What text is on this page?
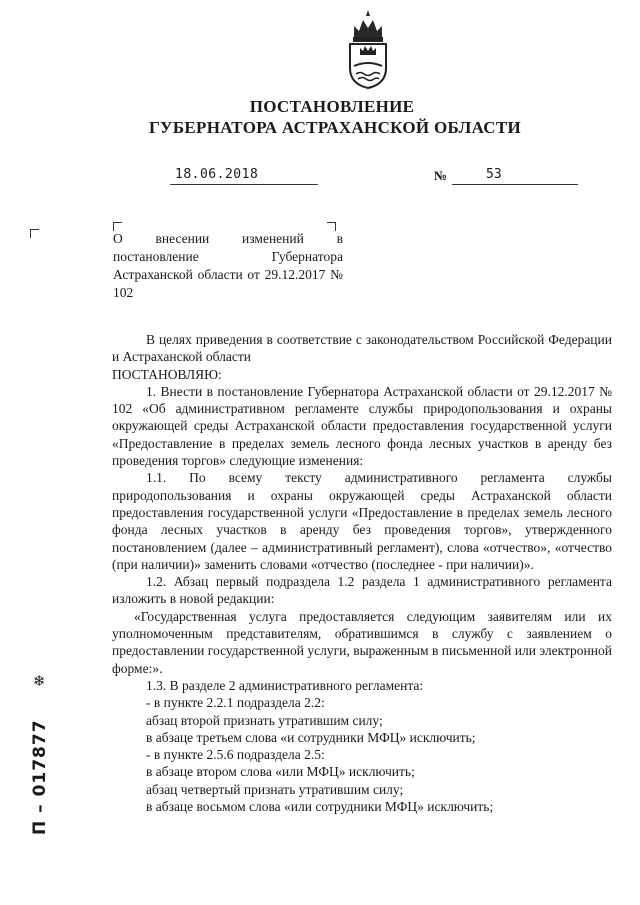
ПОСТАНОВЛЕНИЕ
ГУБЕРНАТОРА АСТРАХАНСКОЙ ОБЛАСТИ
18.06.2018	№	53
О внесении изменений в постановление Губернатора Астраханской области от 29.12.2017 № 102

В целях приведения в соответствие с законодательством Российской Федерации и Астраханской области

ПОСТАНОВЛЯЮ:

1. Внести в постановление Губернатора Астраханской области от 29.12.2017 № 102 «Об административном регламенте службы природопользования и охраны окружающей среды Астраханской области предоставления государственной услуги «Предоставление в пределах земель лесного фонда лесных участков в аренду без проведения торгов» следующие изменения:

1.1. По всему тексту административного регламента службы природопользования и охраны окружающей среды Астраханской области предоставления государственной услуги «Предоставление в пределах земель лесного фонда лесных участков в аренду без проведения торгов», утвержденного постановлением (далее – административный регламент), слова «отчество», «отчество (при наличии)» заменить словами «отчество (последнее - при наличии)».

1.2. Абзац первый подраздела 1.2 раздела 1 административного регламента изложить в новой редакции:

«Государственная услуга предоставляется следующим заявителям или их уполномоченным представителям, обратившимся в службу с заявлением о предоставлении государственной услуги, выраженным в письменной или электронной форме:».

1.3. В разделе 2 административного регламента:

- в пункте 2.2.1 подраздела 2.2:

абзац второй признать утратившим силу;

в абзаце третьем слова «и сотрудники МФЦ» исключить;

- в пункте 2.5.6 подраздела 2.5:

в абзаце втором слова «или МФЦ» исключить;

абзац четвертый признать утратившим силу;

в абзаце восьмом слова «или сотрудники МФЦ» исключить;

❄
П – 017877
